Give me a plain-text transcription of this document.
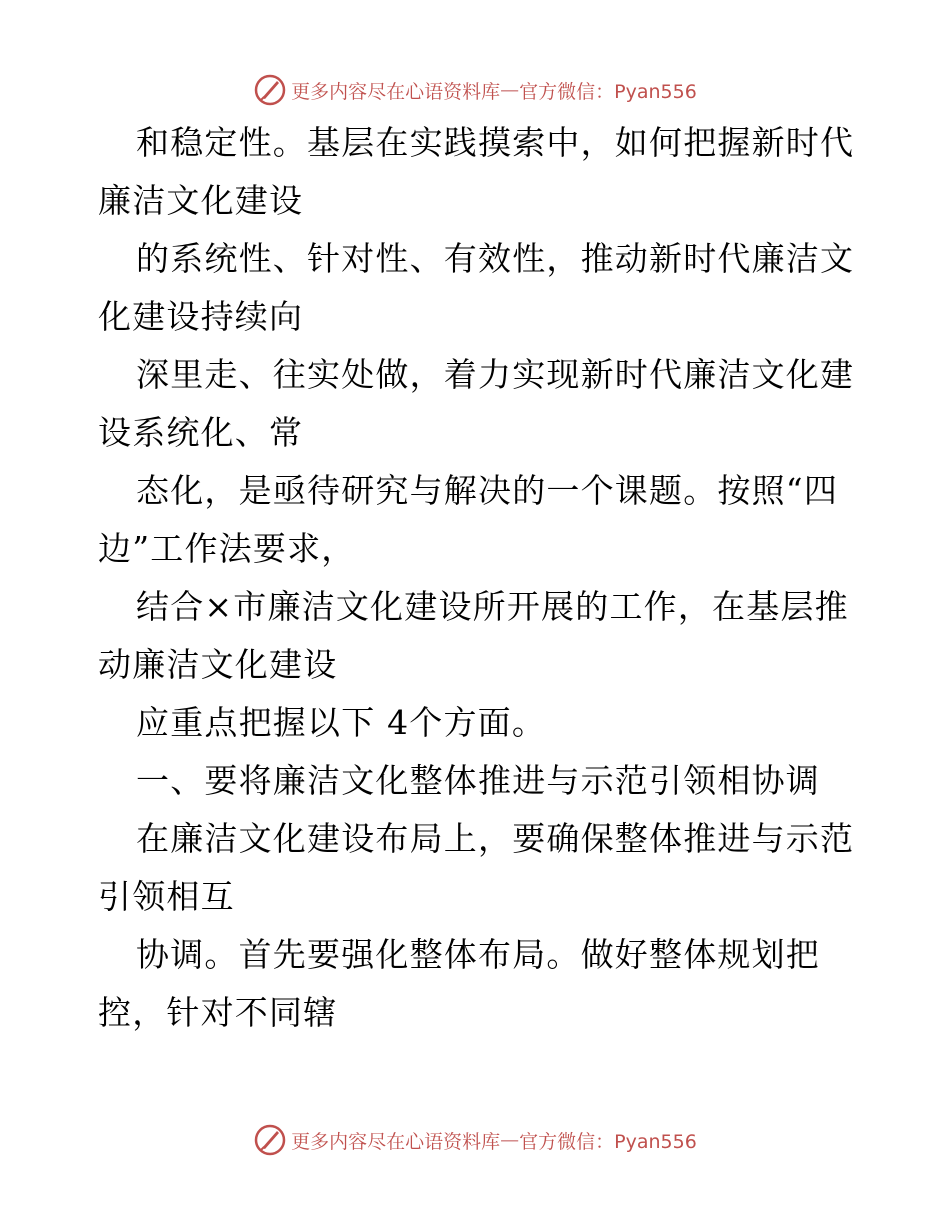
更多内容尽在心语资料库 — 官方微信：Pyan556
和稳定性。基层在实践摸索中，如何把握新时代
廉洁文化建设
的系统性、针对性、有效性，推动新时代廉洁文
化建设持续向
深里走、往实处做，着力实现新时代廉洁文化建
设系统化、常
态化，是亟待研究与解决的一个课题。按照“四
边”工作法要求，
结合×市廉洁文化建设所开展的工作，在基层推
动廉洁文化建设
应重点把握以下 4个方面。
一、要将廉洁文化整体推进与示范引领相协调
在廉洁文化建设布局上，要确保整体推进与示范
引领相互
协调。首先要强化整体布局。做好整体规划把
控，针对不同辖
更多内容尽在心语资料库 — 官方微信：Pyan556
